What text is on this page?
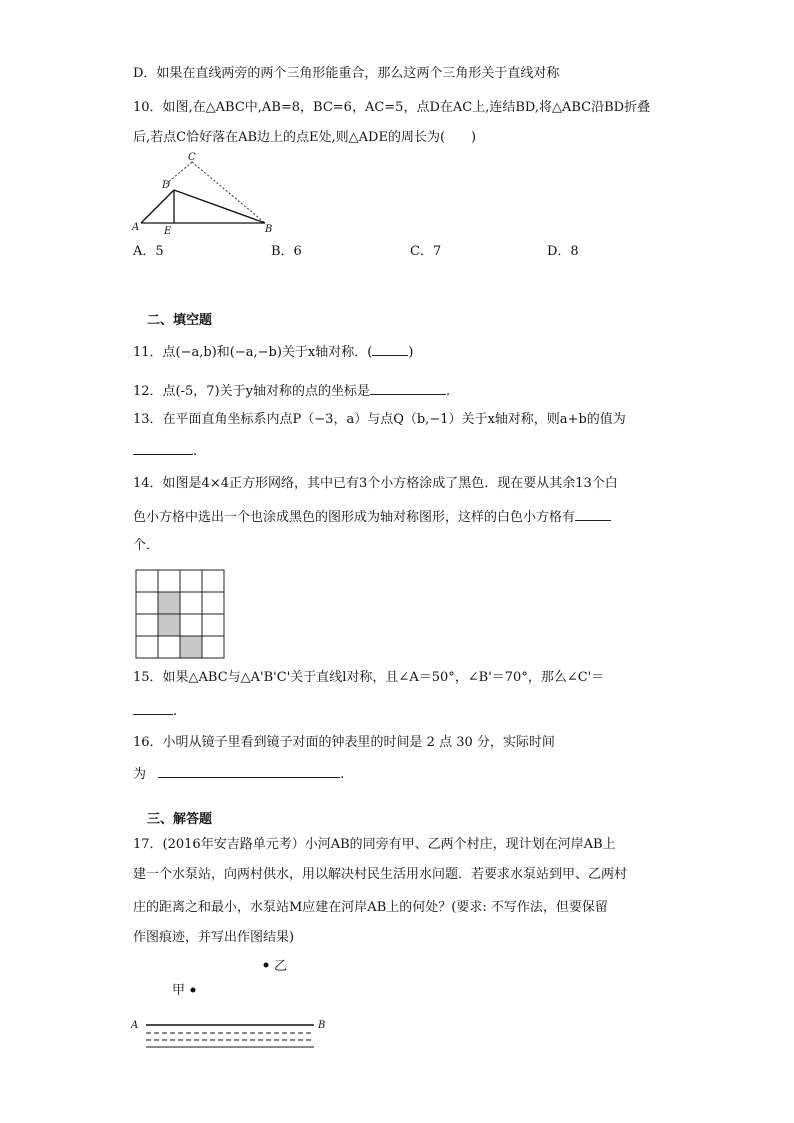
D．如果在直线两旁的两个三角形能重合，那么这两个三角形关于直线对称
10．如图,在△ABC中,AB=8，BC=6，AC=5，点D在AC上,连结BD,将△ABC沿BD折叠
后,若点C恰好落在AB边上的点E处,则△ADE的周长为(　　)
C
D
A E	B
A．5	B．6	C．7	D．8
二、填空题
11．点(−a,b)和(−a,−b)关于x轴对称．(	)
12．点(-5，7)关于y轴对称的点的坐标是	.
13．在平面直角坐标系内点P（−3，a）与点Q（b,−1）关于x轴对称，则a+b的值为
.
14．如图是4×4正方形网络，其中已有3个小方格涂成了黑色．现在要从其余13个白
色小方格中选出一个也涂成黑色的图形成为轴对称图形，这样的白色小方格有
个．
15．如果△ABC与△A'B'C'关于直线l对称，且∠A＝50°，∠B'＝70°，那么∠C'＝
.
16．小明从镜子里看到镜子对面的钟表里的时间是 2 点 30 分，实际时间
为	.
三、解答题
17．(2016年安吉路单元考）小河AB的同旁有甲、乙两个村庄，现计划在河岸AB上
建一个水泵站，向两村供水，用以解决村民生活用水问题．若要求水泵站到甲、乙两村
庄的距离之和最小，水泵站M应建在河岸AB上的何处？(要求: 不写作法，但要保留
作图痕迹，并写出作图结果)
乙
甲
A	B
